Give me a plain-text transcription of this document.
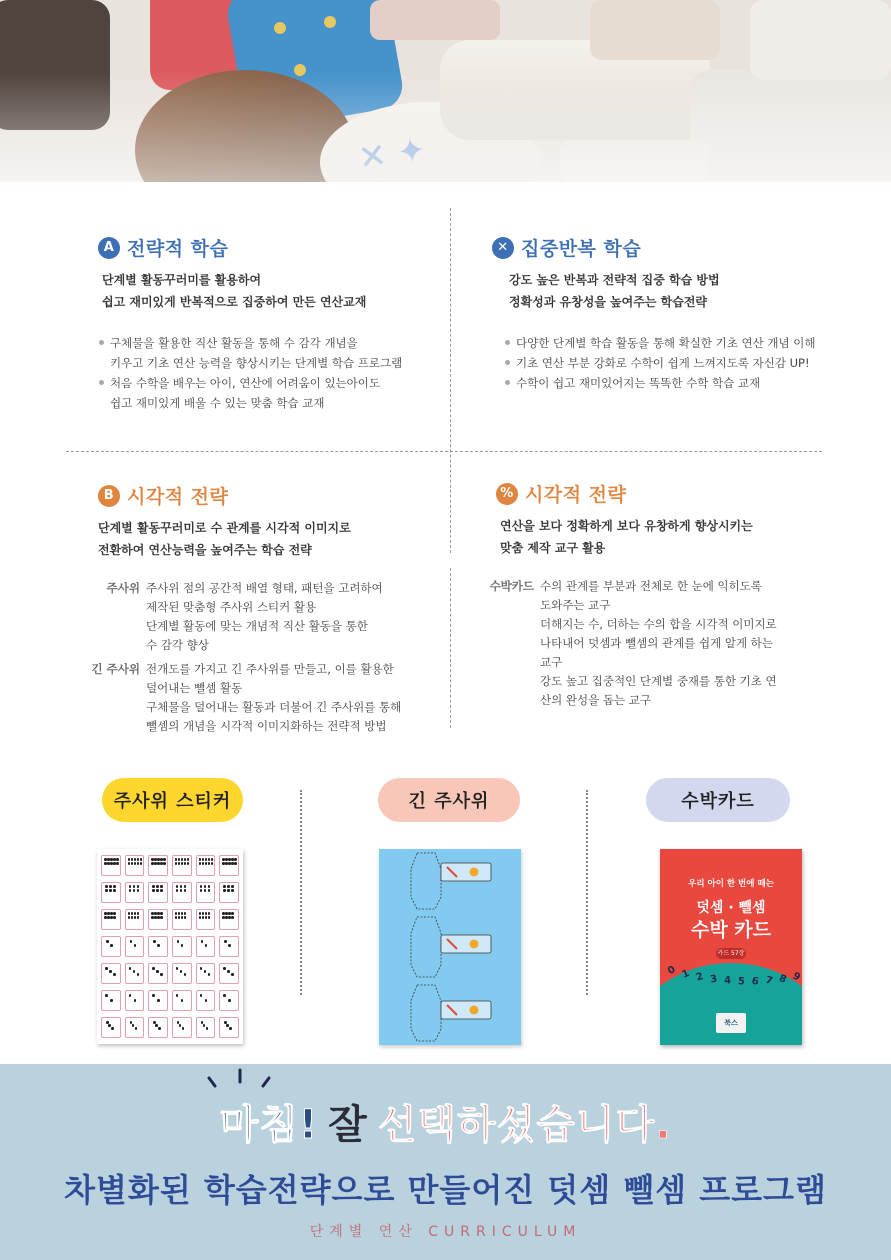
A 전략적 학습
단계별 활동꾸러미를 활용하여
쉽고 재미있게 반복적으로 집중하여 만든 연산교재
구체물을 활용한 직산 활동을 통해 수 감각 개념을
키우고 기초 연산 능력을 향상시키는 단계별 학습 프로그램
처음 수학을 배우는 아이, 연산에 어려움이 있는아이도
쉽고 재미있게 배울 수 있는 맞춤 학습 교재
✕ 집중반복 학습
강도 높은 반복과 전략적 집중 학습 방법
정확성과 유창성을 높여주는 학습전략
다양한 단계별 학습 활동을 통해 확실한 기초 연산 개념 이해
기초 연산 부분 강화로 수학이 쉽게 느껴지도록 자신감 UP!
수학이 쉽고 재미있어지는 똑똑한 수학 학습 교재
B 시각적 전략
단계별 활동꾸러미로 수 관계를 시각적 이미지로
전환하여 연산능력을 높여주는 학습 전략
주사위 주사위 점의 공간적 배열 형태, 패턴을 고려하여
제작된 맞춤형 주사위 스티커 활용
단계별 활동에 맞는 개념적 직산 활동을 통한
수 감각 향상
긴 주사위 전개도를 가지고 긴 주사위를 만들고, 이를 활용한
덜어내는 뺄셈 활동
구체물을 덜어내는 활동과 더불어 긴 주사위를 통해
뺄셈의 개념을 시각적 이미지화하는 전략적 방법
% 시각적 전략
연산을 보다 정확하게 보다 유창하게 향상시키는
맞춤 제작 교구 활용
수박카드 수의 관계를 부분과 전체로 한 눈에 익히도록
도와주는 교구
더해지는 수, 더하는 수의 합을 시각적 이미지로
나타내어 덧셈과 뺄셈의 관계를 쉽게 알게 하는
교구
강도 높고 집중적인 단계별 중재를 통한 기초 연
산의 완성을 돕는 교구
주사위 스티커	긴 주사위	수박카드
우리 아이 한 번에 떼는
덧셈 · 뺄셈
수박 카드
카드 57장
0 1 2 3 4 5 6 7 8 9
북스
마침! 잘 선택하셨습니다.
차별화된 학습전략으로 만들어진 덧셈 뺄셈 프로그램
단계별 연산 CURRICULUM
